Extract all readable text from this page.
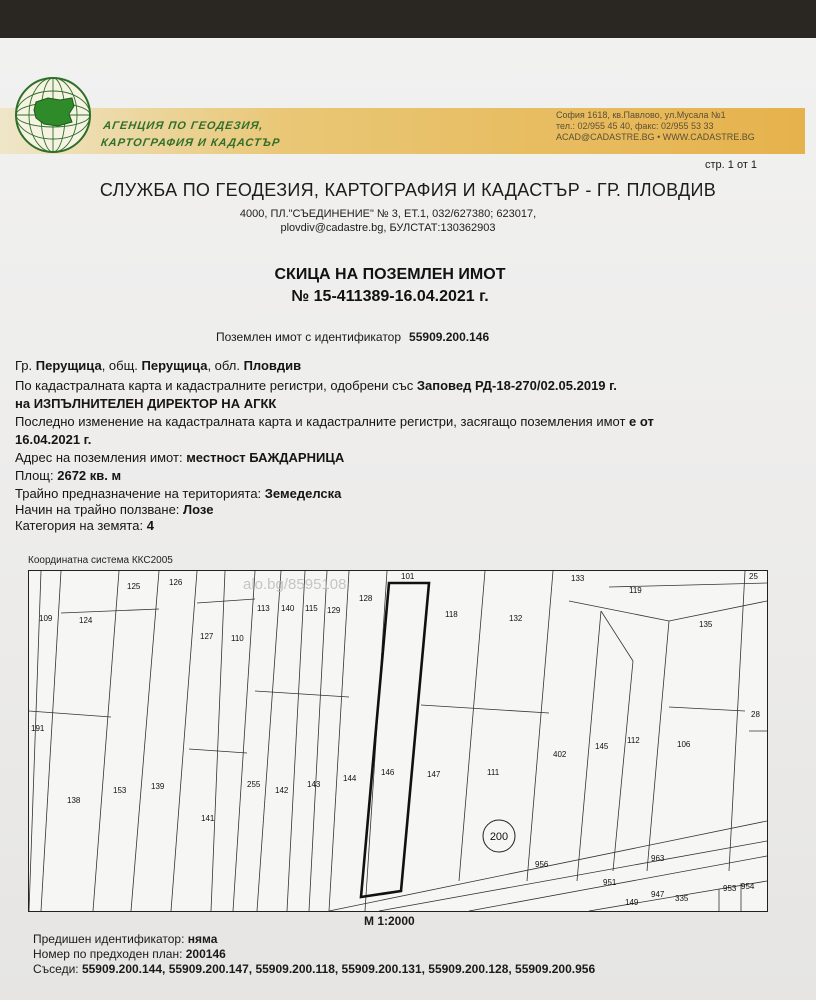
АГЕНЦИЯ ПО ГЕОДЕЗИЯ,
КАРТОГРАФИЯ И КАДАСТЪР
София 1618, кв.Павлово, ул.Мусала №1
тел.: 02/955 45 40, факс: 02/955 53 33
ACAD@CADASTRE.BG • WWW.CADASTRE.BG
стр. 1 от 1
СЛУЖБА ПО ГЕОДЕЗИЯ, КАРТОГРАФИЯ И КАДАСТЪР - ГР. ПЛОВДИВ
4000, ПЛ."СЪЕДИНЕНИЕ" № 3, ЕТ.1, 032/627380; 623017,
plovdiv@cadastre.bg, БУЛСТАТ:130362903
СКИЦА НА ПОЗЕМЛЕН ИМОТ
№ 15-411389-16.04.2021 г.
Поземлен имот с идентификатор 55909.200.146
Гр. Перущица, общ. Перущица, обл. Пловдив
По кадастралната карта и кадастралните регистри, одобрени със Заповед РД-18-270/02.05.2019 г.
на ИЗПЪЛНИТЕЛЕН ДИРЕКТОР НА АГКК
Последно изменение на кадастралната карта и кадастралните регистри, засягащо поземления имот е от
16.04.2021 г.
Адрес на поземления имот: местност БАЖДАРНИЦА
Площ: 2672 кв. м
Трайно предназначение на територията: Земеделска
Начин на трайно ползване: Лозе
Категория на земята: 4
Координатна система ККС2005
200
alo.bg/8595108
109	124
125	126
127 110
113 140 115 129
128
118	132
133
119
135
191
138
153	139
141
255
142
143
144
146	147	111
402
145
112	106
28
25
956
963
951
947 335
953 954
149
101
М 1:2000
Предишен идентификатор: няма
Номер по предходен план: 200146
Съседи: 55909.200.144, 55909.200.147, 55909.200.118, 55909.200.131, 55909.200.128, 55909.200.956
